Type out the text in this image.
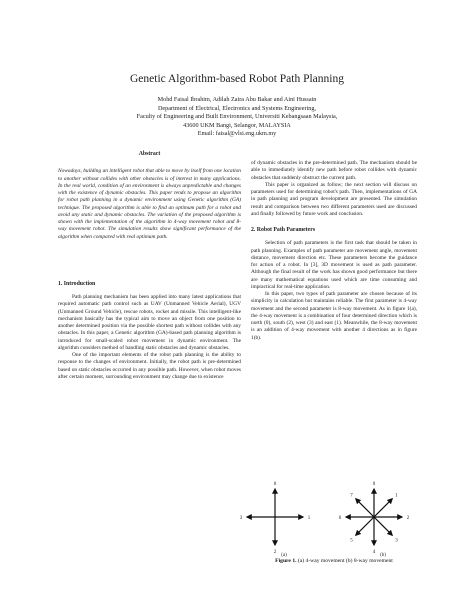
Genetic Algorithm-based Robot Path Planning
Mohd Faisal Ibrahim, Adilah Zaira Abu Bakar and Aini Hussain
Department of Electrical, Electronics and Systems Engineering,
Faculty of Engineering and Built Environment, Universiti Kebangsaan Malaysia,
43600 UKM Bangi, Selangor, MALAYSIA
Email: faisal@vlsi.eng.ukm.my
Abstract

Nowadays, building an intelligent robot that able to move by itself from one location to another without collides with other obstacles is of interest in many applications. In the real world, condition of an environment is always unpredictable and changes with the existence of dynamic obstacles. This paper tends to propose an algorithm for robot path planning in a dynamic environment using Genetic algorithm (GA) technique. The proposed algorithm is able to find an optimum path for a robot and avoid any static and dynamic obstacles. The variation of the proposed algorithm is shown with the implementation of the algorithm in 4-way movement robot and 8-way movement robot. The simulation results show significant performance of the algorithm when compared with real optimum path.

1. Introduction

Path planning mechanism has been applied into many latest applications that required automatic path control such as UAV (Unmanned Vehicle Aerial), UGV (Unmanned Ground Vehicle), rescue robots, rocket and missile. This intelligent-like mechanism basically has the typical aim to move an object from one position to another determined position via the possible shortest path without collides with any obstacles. In this paper, a Genetic algorithm (GA)-based path planning algorithm is introduced for small-scaled robot movement in dynamic environment. The algorithm considers method of handling static obstacles and dynamic obstacles.

One of the important elements of the robot path planning is the ability to response to the changes of environment. Initially, the robot path is pre-determined based on static obstacles occurred in any possible path. However, when robot moves after certain moment, surrounding environment may change due to existence

of dynamic obstacles in the pre-determined path. The mechanism should be able to immediately identify new path before robot collides with dynamic obstacles that suddenly obstruct the current path.

This paper is organized as follow; the next section will discuss on parameters used for determining robot's path. Then, implementations of GA in path planning and program development are presented. The simulation result and comparison between two different parameters used are discussed and finally followed by future work and conclusion.

2. Robot Path Parameters

Selection of path parameters is the first task that should be taken in path planning. Examples of path parameter are movement angle, movement distance, movement direction etc. These parameters become the guidance for action of a robot. In [3], 3D movement is used as path parameter. Although the final result of the work has shown good performance but there are many mathematical equations used which are time consuming and impractical for real-time application.

In this paper, two types of path parameter are chosen because of its simplicity in calculation but maintains reliable. The first parameter is 4-way movement and the second parameter is 8-way movement. As in figure 1(a), the 4-way movement is a combination of four determined direction which is north (0), south (2), west (3) and east (1). Meanwhile, the 8-way movement is an addition of 4-way movement with another 4 directions as in figure 1(b).

0
1
2
3
(a)
0
1
2
3
4
5
6
7
(b)
Figure 1. (a) 4-way movement (b) 8-way movement
